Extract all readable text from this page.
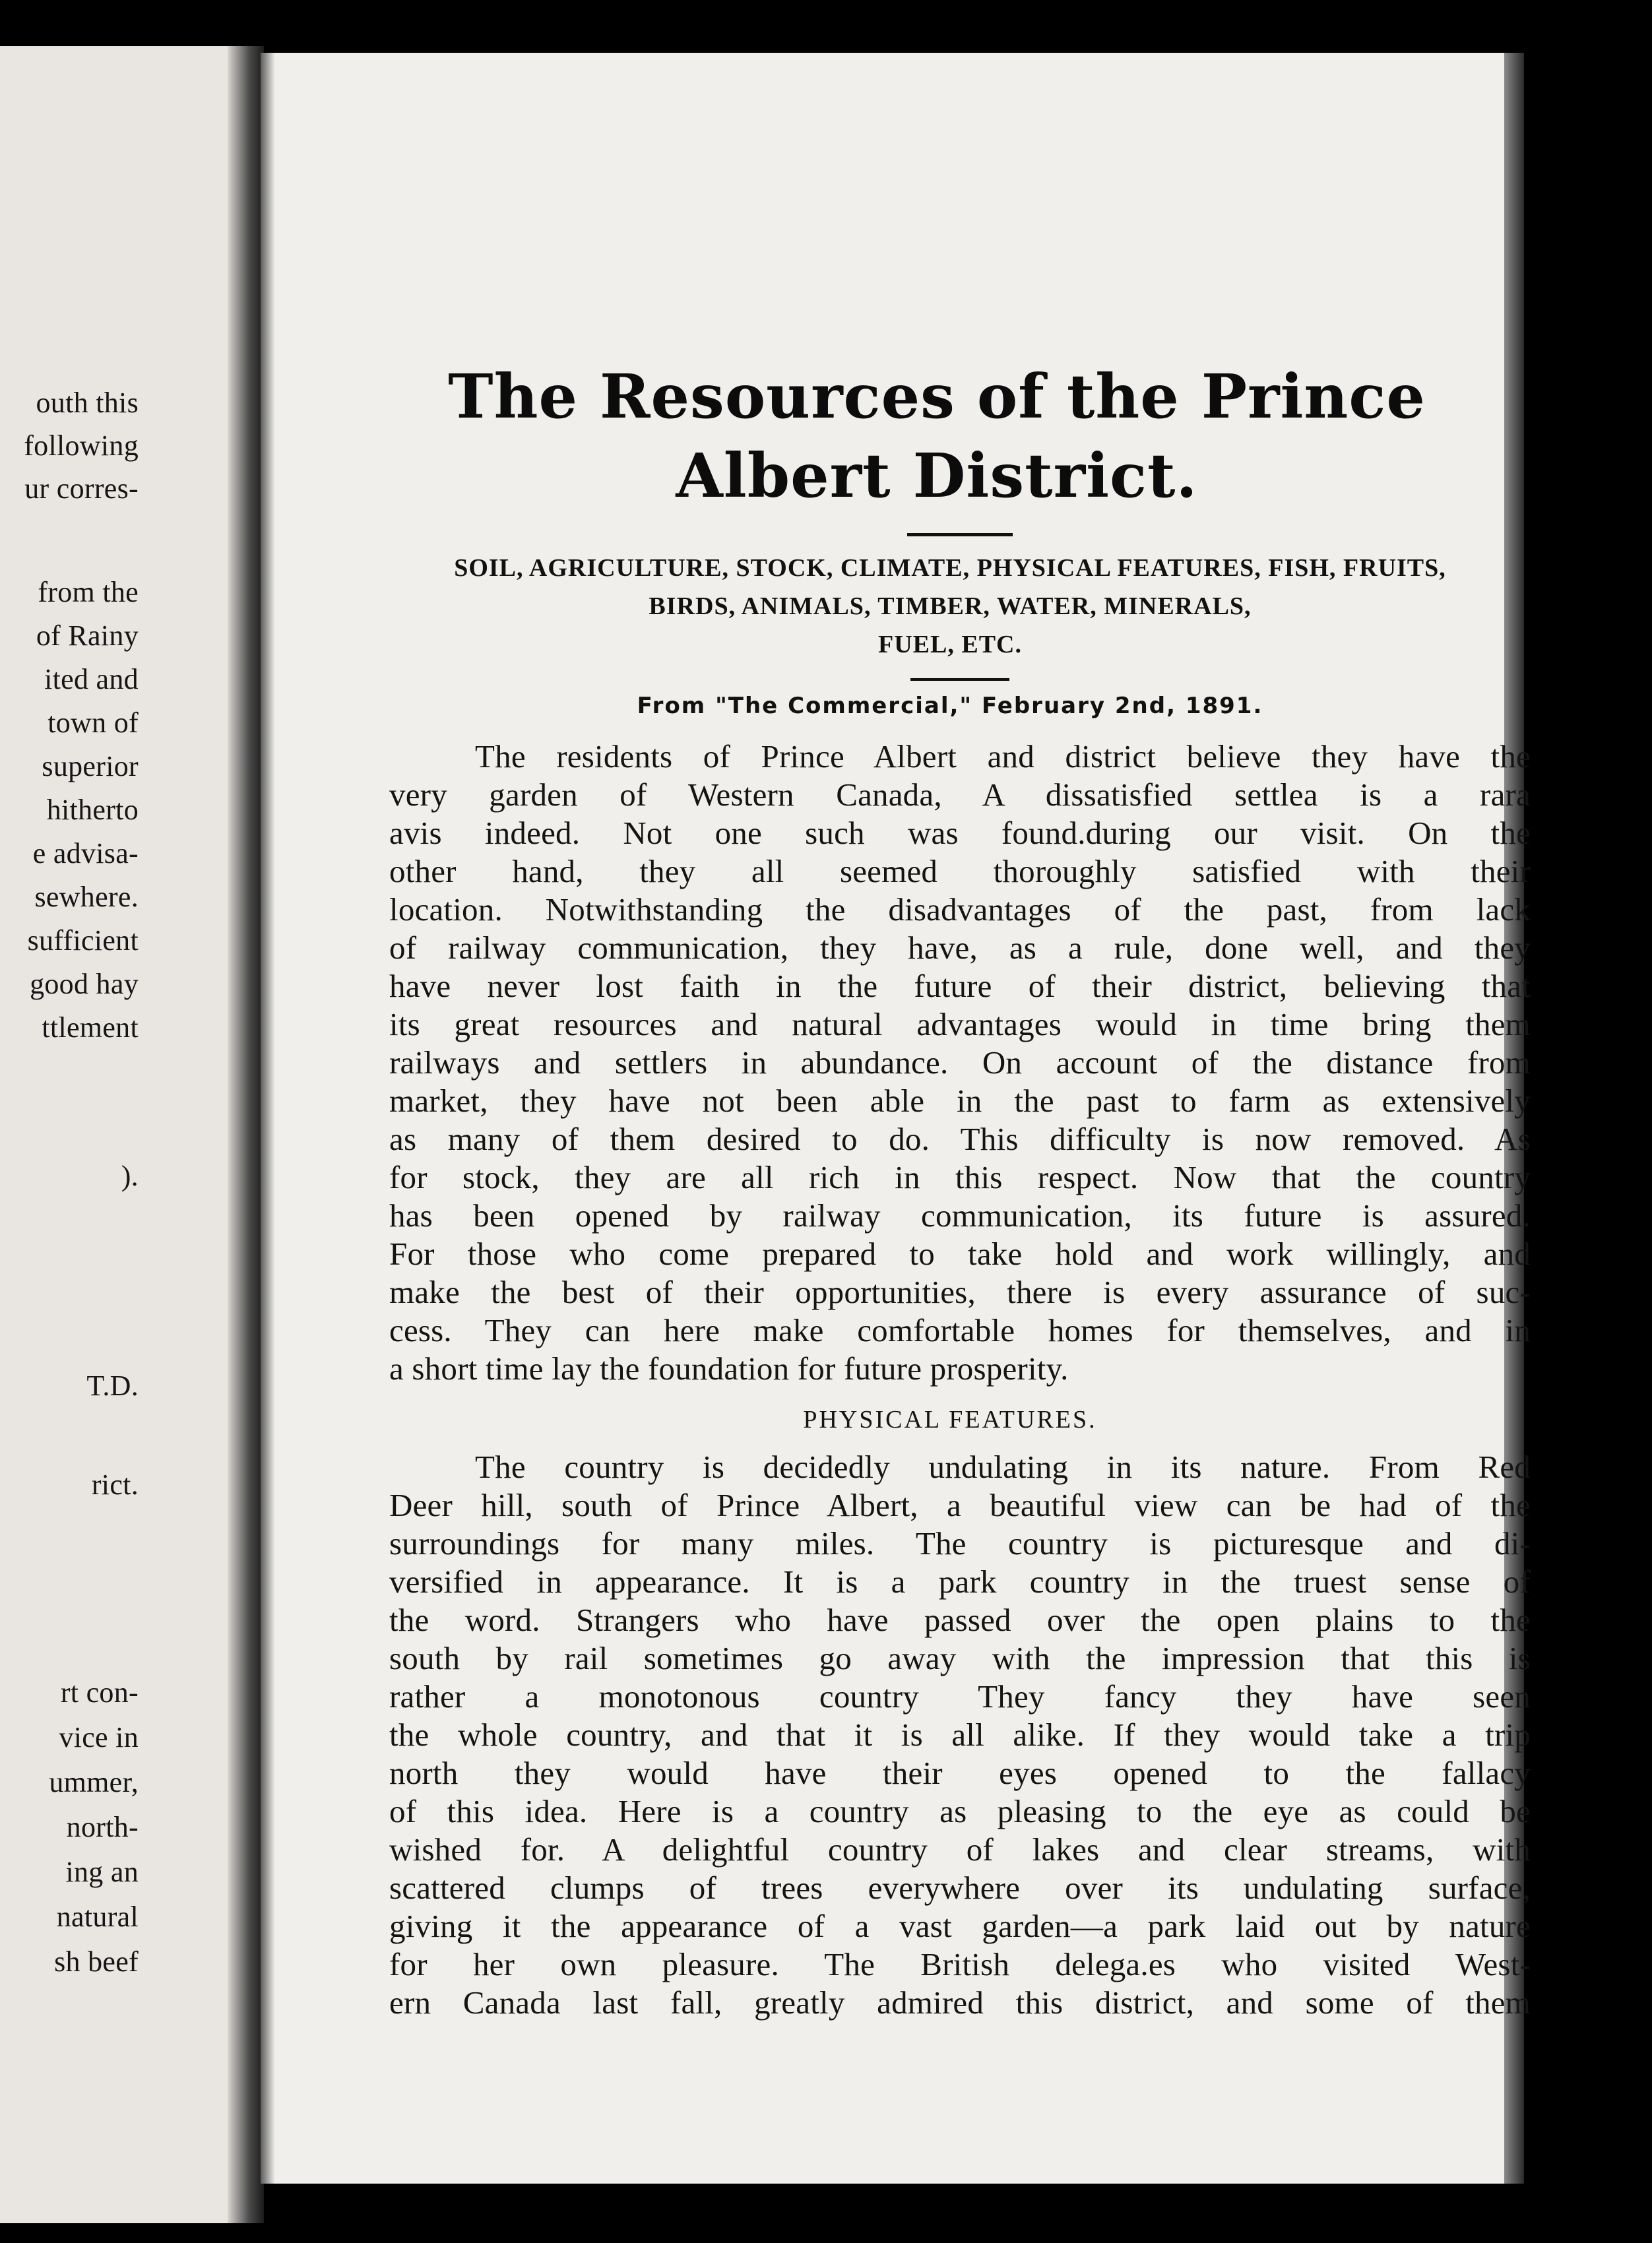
outh this
following
ur corres-
from the
of Rainy
ited and
town of
superior
hitherto
e advisa-
sewhere.
sufficient
good hay
ttlement
).
T.D.
rict.
rt con-
vice in
ummer,
north-
ing an
natural
sh beef
The Resources of the Prince
Albert District.
SOIL, AGRICULTURE, STOCK, CLIMATE, PHYSICAL FEATURES, FISH, FRUITS,
BIRDS, ANIMALS, TIMBER, WATER, MINERALS,
FUEL, ETC.
From "The Commercial," February 2nd, 1891.
The residents of Prince Albert and district believe they have the
very garden of Western Canada, A dissatisfied settlea is a rara
avis indeed. Not one such was found.during our visit. On the
other hand, they all seemed thoroughly satisfied with their
location. Notwithstanding the disadvantages of the past, from lack
of railway communication, they have, as a rule, done well, and they
have never lost faith in the future of their district, believing that
its great resources and natural advantages would in time bring them
railways and settlers in abundance. On account of the distance from
market, they have not been able in the past to farm as extensively
as many of them desired to do. This difficulty is now removed. As
for stock, they are all rich in this respect. Now that the country
has been opened by railway communication, its future is assured.
For those who come prepared to take hold and work willingly, and
make the best of their opportunities, there is every assurance of suc-
cess. They can here make comfortable homes for themselves, and in
a short time lay the foundation for future prosperity.
PHYSICAL FEATURES.
The country is decidedly undulating in its nature. From Red
Deer hill, south of Prince Albert, a beautiful view can be had of the
surroundings for many miles. The country is picturesque and di-
versified in appearance. It is a park country in the truest sense of
the word. Strangers who have passed over the open plains to the
south by rail sometimes go away with the impression that this is
rather a monotonous country They fancy they have seen
the whole country, and that it is all alike. If they would take a trip
north they would have their eyes opened to the fallacy
of this idea. Here is a country as pleasing to the eye as could be
wished for. A delightful country of lakes and clear streams, with
scattered clumps of trees everywhere over its undulating surface,
giving it the appearance of a vast garden—a park laid out by nature
for her own pleasure. The British delega.es who visited West-
ern Canada last fall, greatly admired this district, and some of them
